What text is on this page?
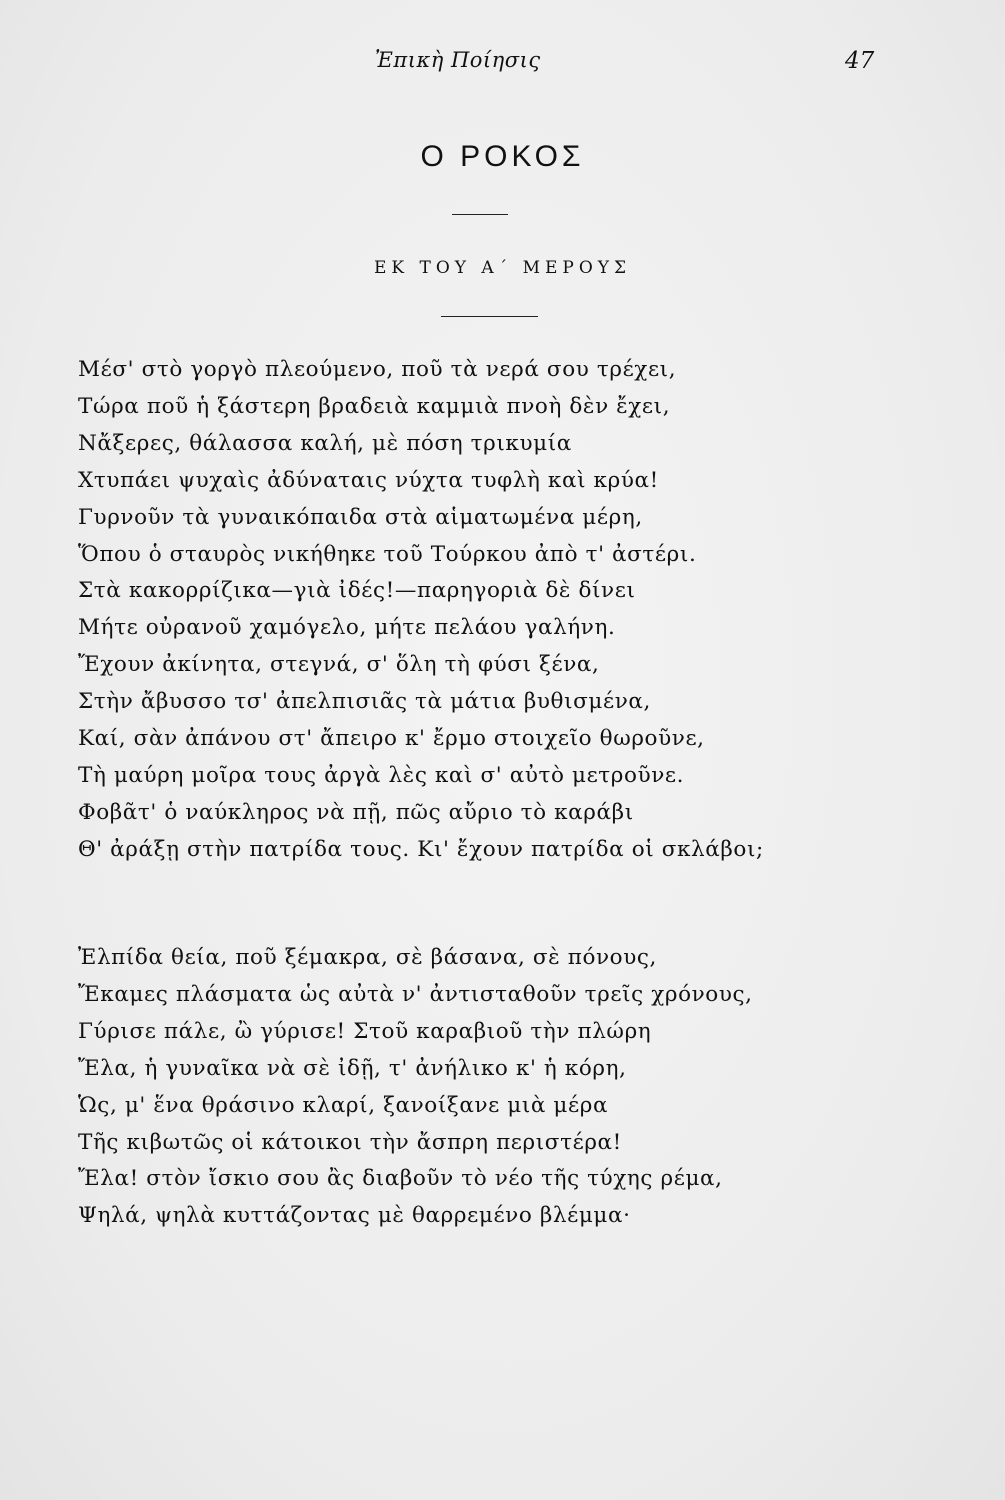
Ἐπικὴ Ποίησις	47
Ο ΡΟΚΟΣ
ΕΚ ΤΟΥ Α΄ ΜΕΡΟΥΣ
Μέσ' στὸ γοργὸ πλεούμενο, ποῦ τὰ νερά σου τρέχει,
Τώρα ποῦ ἡ ξάστερη βραδειὰ καμμιὰ πνοὴ δὲν ἔχει,
Νἄξερες, θάλασσα καλή, μὲ πόση τρικυμία
Χτυπάει ψυχαὶς ἀδύναταις νύχτα τυφλὴ καὶ κρύα!
Γυρνοῦν τὰ γυναικόπαιδα στὰ αἱματωμένα μέρη,
Ὅπου ὁ σταυρὸς νικήθηκε τοῦ Τούρκου ἀπὸ τ' ἀστέρι.
Στὰ κακορρίζικα—γιὰ ἰδές!—παρηγοριὰ δὲ δίνει
Μήτε οὐρανοῦ χαμόγελο, μήτε πελάου γαλήνη.
Ἔχουν ἀκίνητα, στεγνά, σ' ὅλη τὴ φύσι ξένα,
Στὴν ἄβυσσο τσ' ἀπελπισιᾶς τὰ μάτια βυθισμένα,
Καί, σὰν ἀπάνου στ' ἄπειρο κ' ἔρμο στοιχεῖο θωροῦνε,
Τὴ μαύρη μοῖρα τους ἀργὰ λὲς καὶ σ' αὐτὸ μετροῦνε.
Φοβᾶτ' ὁ ναύκληρος νὰ πῇ, πῶς αὔριο τὸ καράβι
Θ' ἀράξῃ στὴν πατρίδα τους. Κι' ἔχουν πατρίδα οἱ σκλάβοι;
Ἐλπίδα θεία, ποῦ ξέμακρα, σὲ βάσανα, σὲ πόνους,
Ἔκαμες πλάσματα ὡς αὐτὰ ν' ἀντισταθοῦν τρεῖς χρόνους,
Γύρισε πάλε, ὢ γύρισε! Στοῦ καραβιοῦ τὴν πλώρη
Ἔλα, ἡ γυναῖκα νὰ σὲ ἰδῇ, τ' ἀνήλικο κ' ἡ κόρη,
Ὡς, μ' ἕνα θράσινο κλαρί, ξανοίξανε μιὰ μέρα
Τῆς κιβωτῶς οἱ κάτοικοι τὴν ἄσπρη περιστέρα!
Ἔλα! στὸν ἴσκιο σου ἂς διαβοῦν τὸ νέο τῆς τύχης ρέμα,
Ψηλά, ψηλὰ κυττάζοντας μὲ θαρρεμένο βλέμμα·
